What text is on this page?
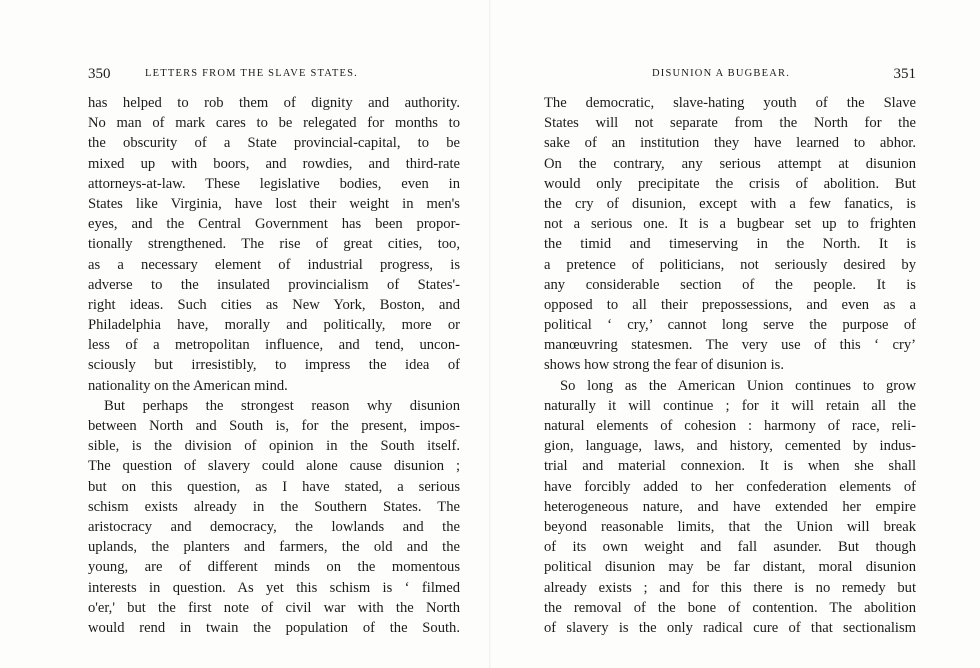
350	LETTERS FROM THE SLAVE STATES.
has helped to rob them of dignity and authority.
No man of mark cares to be relegated for months to
the obscurity of a State provincial-capital, to be
mixed up with boors, and rowdies, and third-rate
attorneys-at-law. These legislative bodies, even in
States like Virginia, have lost their weight in men's
eyes, and the Central Government has been propor-
tionally strengthened. The rise of great cities, too,
as a necessary element of industrial progress, is
adverse to the insulated provincialism of States'-
right ideas. Such cities as New York, Boston, and
Philadelphia have, morally and politically, more or
less of a metropolitan influence, and tend, uncon-
sciously but irresistibly, to impress the idea of
nationality on the American mind.
But perhaps the strongest reason why disunion
between North and South is, for the present, impos-
sible, is the division of opinion in the South itself.
The question of slavery could alone cause disunion ;
but on this question, as I have stated, a serious
schism exists already in the Southern States. The
aristocracy and democracy, the lowlands and the
uplands, the planters and farmers, the old and the
young, are of different minds on the momentous
interests in question. As yet this schism is ‘ filmed
o'er,' but the first note of civil war with the North
would rend in twain the population of the South.
DISUNION A BUGBEAR.	351
The democratic, slave-hating youth of the Slave
States will not separate from the North for the
sake of an institution they have learned to abhor.
On the contrary, any serious attempt at disunion
would only precipitate the crisis of abolition. But
the cry of disunion, except with a few fanatics, is
not a serious one. It is a bugbear set up to frighten
the timid and timeserving in the North. It is
a pretence of politicians, not seriously desired by
any considerable section of the people. It is
opposed to all their prepossessions, and even as a
political ‘ cry,’ cannot long serve the purpose of
manœuvring statesmen. The very use of this ‘ cry’
shows how strong the fear of disunion is.
So long as the American Union continues to grow
naturally it will continue ; for it will retain all the
natural elements of cohesion : harmony of race, reli-
gion, language, laws, and history, cemented by indus-
trial and material connexion. It is when she shall
have forcibly added to her confederation elements of
heterogeneous nature, and have extended her empire
beyond reasonable limits, that the Union will break
of its own weight and fall asunder. But though
political disunion may be far distant, moral disunion
already exists ; and for this there is no remedy but
the removal of the bone of contention. The abolition
of slavery is the only radical cure of that sectionalism
